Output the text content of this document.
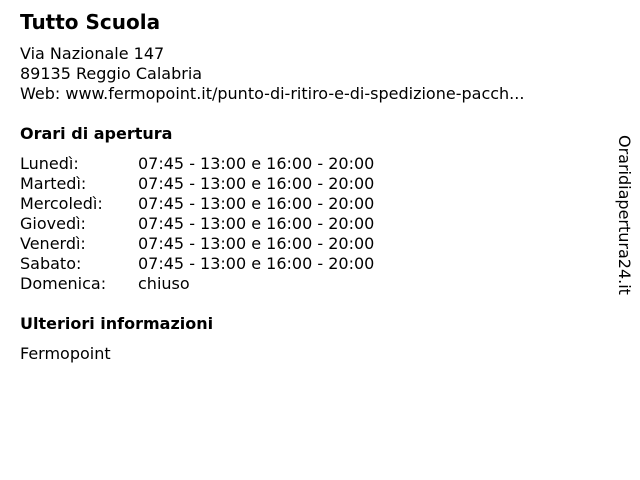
Tutto Scuola
Via Nazionale 147
89135 Reggio Calabria
Web: www.fermopoint.it/punto-di-ritiro-e-di-spedizione-pacch...
Orari di apertura
Lunedì:	07:45 - 13:00 e 16:00 - 20:00
Martedì:	07:45 - 13:00 e 16:00 - 20:00
Mercoledì:	07:45 - 13:00 e 16:00 - 20:00
Giovedì:	07:45 - 13:00 e 16:00 - 20:00
Venerdì:	07:45 - 13:00 e 16:00 - 20:00
Sabato:	07:45 - 13:00 e 16:00 - 20:00
Domenica:	chiuso
Ulteriori informazioni
Fermopoint
Oraridiapertura24.it
